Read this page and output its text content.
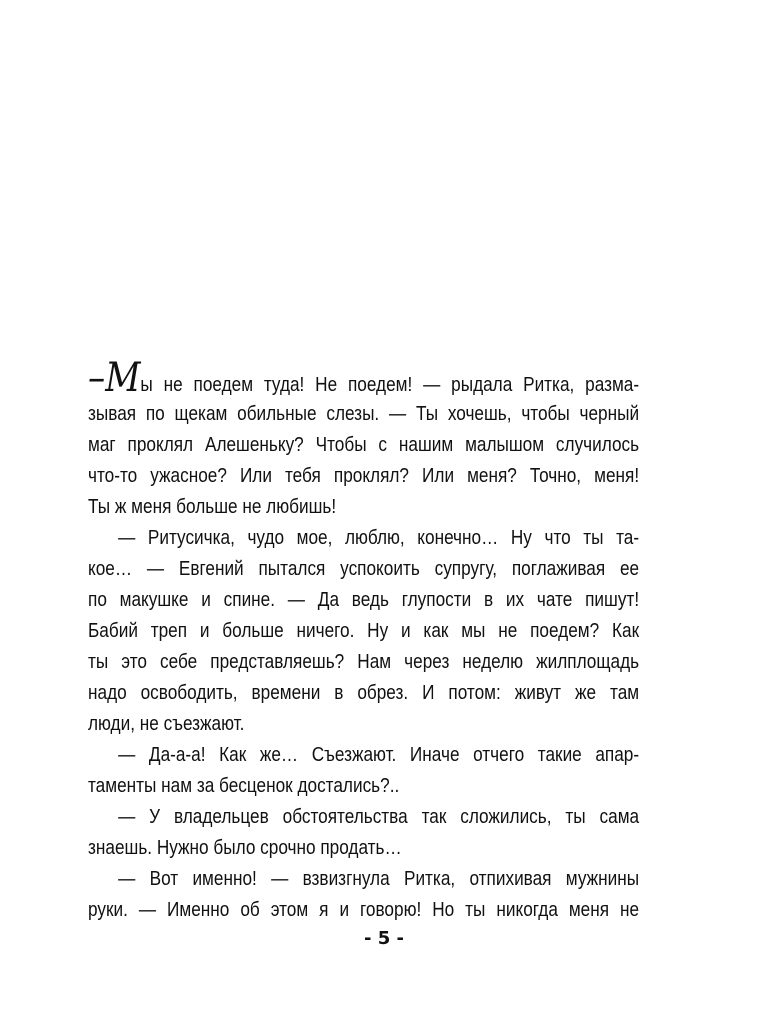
–Мы не поедем туда! Не поедем! — рыдала Ритка, разма-
зывая по щекам обильные слезы. — Ты хочешь, чтобы черный
маг проклял Алешеньку? Чтобы с нашим малышом случилось
что-то ужасное? Или тебя проклял? Или меня? Точно, меня!
Ты ж меня больше не любишь!
— Ритусичка, чудо мое, люблю, конечно… Ну что ты та-
кое… — Евгений пытался успокоить супругу, поглаживая ее
по макушке и спине. — Да ведь глупости в их чате пишут!
Бабий треп и больше ничего. Ну и как мы не поедем? Как
ты это себе представляешь? Нам через неделю жилплощадь
надо освободить, времени в обрез. И потом: живут же там
люди, не съезжают.
— Да-а-а! Как же… Съезжают. Иначе отчего такие апар-
таменты нам за бесценок достались?..
— У владельцев обстоятельства так сложились, ты сама
знаешь. Нужно было срочно продать…
— Вот именно! — взвизгнула Ритка, отпихивая мужнины
руки. — Именно об этом я и говорю! Но ты никогда меня не
- 5 -
